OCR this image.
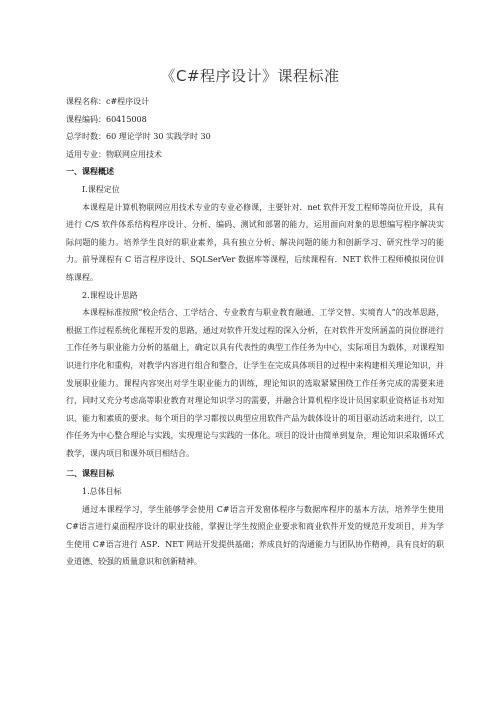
《C#程序设计》课程标准
课程名称：c#程序设计
课程编码：60415008
总学时数：60 理论学时 30 实践学时 30
适用专业：物联网应用技术
一、课程概述
I.课程定位

本课程是计算机物联网应用技术专业的专业必修课，主要针对．net 软件开发工程师等岗位开设，具有进行 C/S 软件体系结构程序设计、分析、编码、测试和部署的能力，运用面向对象的思想编写程序解决实际问题的能力。培养学生良好的职业素养，具有独立分析、解决问题的能力和创新学习、研究性学习的能力。前导课程有 C 语言程序设计、SQLSerVer 数据库等课程，后续课程有．NET 软件工程师模拟岗位训练课程。

2.课程设计思路

本课程标准按照“校企结合、工学结合、专业教育与职业教育融通、工学交替、实境育人”的改革思路，根据工作过程系统化课程开发的思路，通过对软件开发过程的深入分析，在对软件开发所涵盖的岗位群进行工作任务与职业能力分析的基础上，确定以具有代表性的典型工作任务为中心，实际项目为载体，对课程知识进行序化和重构，对教学内容进行组合和整合，让学生在完成具体项目的过程中来构建相关理论知识，并发展职业能力。课程内容突出对学生职业能力的训练，理论知识的选取紧紧围绕工作任务完成的需要来进行，同时又充分考虑高等职业教育对理论知识学习的需要，并融合计算机程序设计员国家职业资格证书对知识、能力和素质的要求。每个项目的学习都按以典型应用软件产品为载体设计的项目驱动活动来进行，以工作任务为中心整合理论与实践，实现理论与实践的一体化。项目的设计由简单到复杂，理论知识采取循环式教学，课内项目和课外项目相结合。

二、课程目标
1.总体目标

通过本课程学习，学生能够学会使用 C#语言开发窗体程序与数据库程序的基本方法，培养学生使用 C#语言进行桌面程序设计的职业技能，掌握让学生按照企业要求和商业软件开发的规范开发项目，并为学生使用 C#语言进行 ASP．NET 网站开发提供基础；养成良好的沟通能力与团队协作精神，具有良好的职业道德、较强的质量意识和创新精神。
